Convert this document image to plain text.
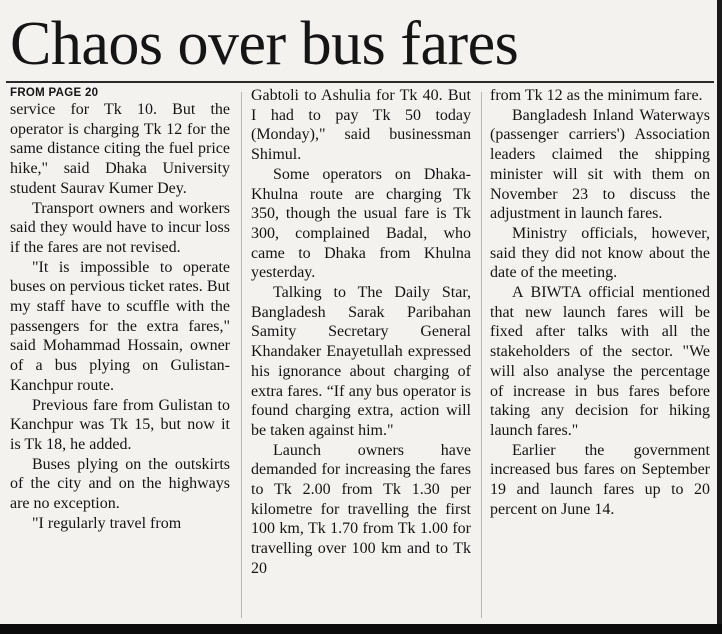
Chaos over bus fares
FROM PAGE 20

service for Tk 10. But the operator is charging Tk 12 for the same distance citing the fuel price hike," said Dhaka University student Saurav Kumer Dey.

Transport owners and workers said they would have to incur loss if the fares are not revised.

"It is impossible to operate buses on pervious ticket rates. But my staff have to scuffle with the passengers for the extra fares," said Mohammad Hossain, owner of a bus plying on Gulistan-Kanchpur route.

Previous fare from Gulistan to Kanchpur was Tk 15, but now it is Tk 18, he added.

Buses plying on the outskirts of the city and on the highways are no exception.

"I regularly travel from

Gabtoli to Ashulia for Tk 40. But I had to pay Tk 50 today (Monday)," said businessman Shimul.

Some operators on Dhaka-Khulna route are charging Tk 350, though the usual fare is Tk 300, complained Badal, who came to Dhaka from Khulna yesterday.

Talking to The Daily Star, Bangladesh Sarak Paribahan Samity Secretary General Khandaker Enayetullah expressed his ignorance about charging of extra fares. “If any bus operator is found charging extra, action will be taken against him."

Launch owners have demanded for increasing the fares to Tk 2.00 from Tk 1.30 per kilometre for travelling the first 100 km, Tk 1.70 from Tk 1.00 for travelling over 100 km and to Tk 20

from Tk 12 as the minimum fare.

Bangladesh Inland Waterways (passenger carriers') Association leaders claimed the shipping minister will sit with them on November 23 to discuss the adjustment in launch fares.

Ministry officials, however, said they did not know about the date of the meeting.

A BIWTA official mentioned that new launch fares will be fixed after talks with all the stakeholders of the sector. "We will also analyse the percentage of increase in bus fares before taking any decision for hiking launch fares."

Earlier the government increased bus fares on September 19 and launch fares up to 20 percent on June 14.
